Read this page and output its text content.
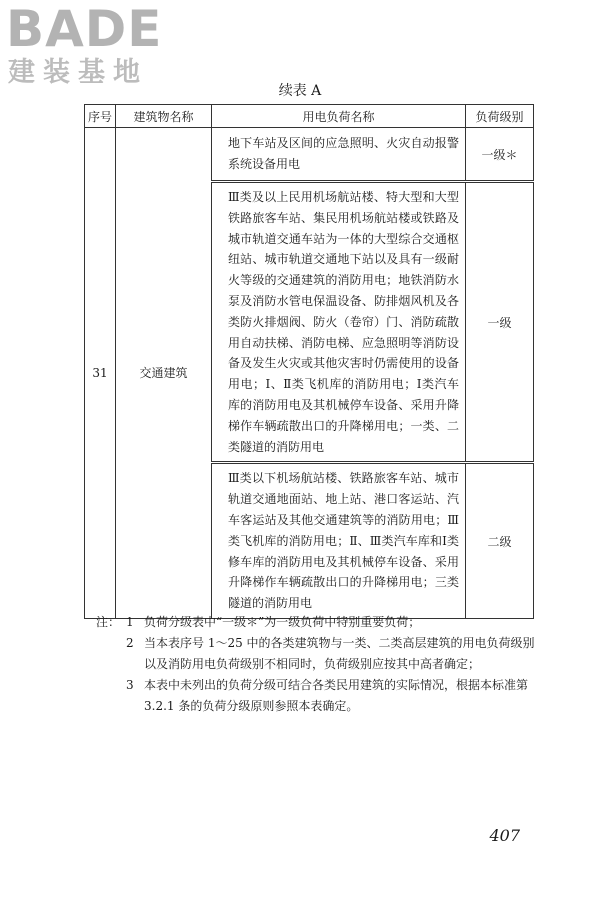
BADE
建装基地
续表 A
序号	建筑物名称	用电负荷名称	负荷级别
31	交通建筑	地下车站及区间的应急照明、火灾自动报警系统设备用电	一级＊
		Ⅲ类及以上民用机场航站楼、特大型和大型铁路旅客车站、集民用机场航站楼或铁路及城市轨道交通车站为一体的大型综合交通枢纽站、城市轨道交通地下站以及具有一级耐火等级的交通建筑的消防用电；地铁消防水泵及消防水管电保温设备、防排烟风机及各类防火排烟阀、防火（卷帘）门、消防疏散用自动扶梯、消防电梯、应急照明等消防设备及发生火灾或其他灾害时仍需使用的设备用电；Ⅰ、Ⅱ类飞机库的消防用电；Ⅰ类汽车库的消防用电及其机械停车设备、采用升降梯作车辆疏散出口的升降梯用电；一类、二类隧道的消防用电	一级
		Ⅲ类以下机场航站楼、铁路旅客车站、城市轨道交通地面站、地上站、港口客运站、汽车客运站及其他交通建筑等的消防用电；Ⅲ类飞机库的消防用电；Ⅱ、Ⅲ类汽车库和Ⅰ类修车库的消防用电及其机械停车设备、采用升降梯作车辆疏散出口的升降梯用电；三类隧道的消防用电	二级
注： 1 负荷分级表中“一级＊”为一级负荷中特别重要负荷；
2 当本表序号 1～25 中的各类建筑物与一类、二类高层建筑的用电负荷级别以及消防用电负荷级别不相同时，负荷级别应按其中高者确定；
3 本表中未列出的负荷分级可结合各类民用建筑的实际情况，根据本标准第 3.2.1 条的负荷分级原则参照本表确定。
407
